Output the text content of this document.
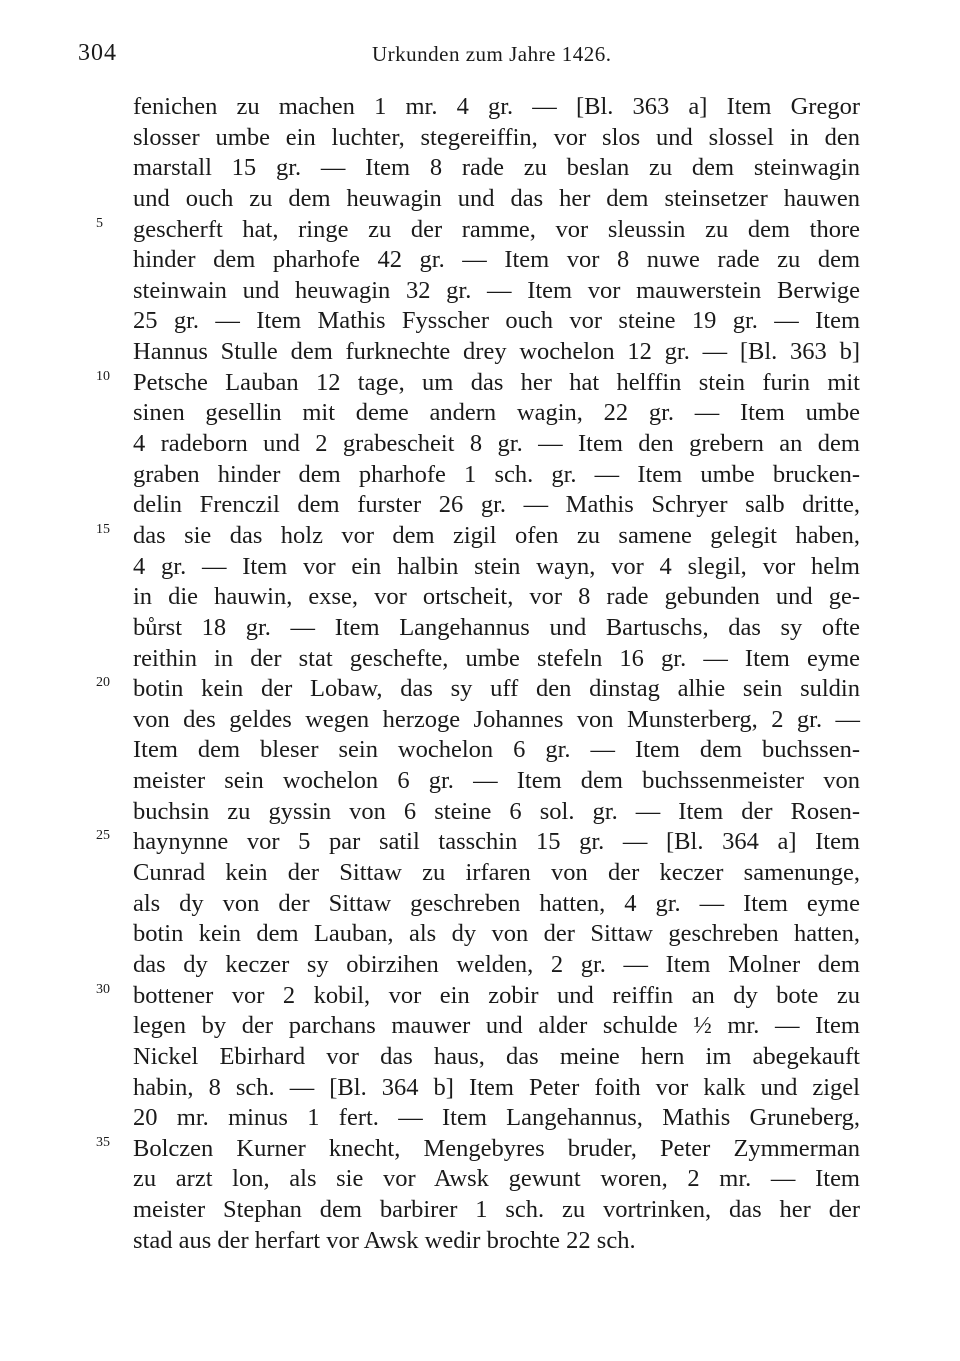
304	Urkunden zum Jahre 1426.
fenichen zu machen 1 mr. 4 gr. — [Bl. 363 a] Item Gregor
slosser umbe ein luchter, stegereiffin, vor slos und slossel in den
marstall 15 gr. — Item 8 rade zu beslan zu dem steinwagin
und ouch zu dem heuwagin und das her dem steinsetzer hauwen
5 gescherft hat, ringe zu der ramme, vor sleussin zu dem thore
hinder dem pharhofe 42 gr. — Item vor 8 nuwe rade zu dem
steinwain und heuwagin 32 gr. — Item vor mauwerstein Berwige
25 gr. — Item Mathis Fysscher ouch vor steine 19 gr. — Item
Hannus Stulle dem furknechte drey wochelon 12 gr. — [Bl. 363 b]
10 Petsche Lauban 12 tage, um das her hat helffin stein furin mit
sinen gesellin mit deme andern wagin, 22 gr. — Item umbe
4 radeborn und 2 grabescheit 8 gr. — Item den grebern an dem
graben hinder dem pharhofe 1 sch. gr. — Item umbe brucken-
delin Frenczil dem furster 26 gr. — Mathis Schryer salb dritte,
15 das sie das holz vor dem zigil ofen zu samene gelegit haben,
4 gr. — Item vor ein halbin stein wayn, vor 4 slegil, vor helm
in die hauwin, exse, vor ortscheit, vor 8 rade gebunden und ge-
bůrst 18 gr. — Item Langehannus und Bartuschs, das sy ofte
reithin in der stat geschefte, umbe stefeln 16 gr. — Item eyme
20 botin kein der Lobaw, das sy uff den dinstag alhie sein suldin
von des geldes wegen herzoge Johannes von Munsterberg, 2 gr. —
Item dem bleser sein wochelon 6 gr. — Item dem buchssen-
meister sein wochelon 6 gr. — Item dem buchssenmeister von
buchsin zu gyssin von 6 steine 6 sol. gr. — Item der Rosen-
25 haynynne vor 5 par satil tasschin 15 gr. — [Bl. 364 a] Item
Cunrad kein der Sittaw zu irfaren von der keczer samenunge,
als dy von der Sittaw geschreben hatten, 4 gr. — Item eyme
botin kein dem Lauban, als dy von der Sittaw geschreben hatten,
das dy keczer sy obirzihen welden, 2 gr. — Item Molner dem
30 bottener vor 2 kobil, vor ein zobir und reiffin an dy bote zu
legen by der parchans mauwer und alder schulde ½ mr. — Item
Nickel Ebirhard vor das haus, das meine hern im abegekauft
habin, 8 sch. — [Bl. 364 b] Item Peter foith vor kalk und zigel
20 mr. minus 1 fert. — Item Langehannus, Mathis Gruneberg,
35 Bolczen Kurner knecht, Mengebyres bruder, Peter Zymmerman
zu arzt lon, als sie vor Awsk gewunt woren, 2 mr. — Item
meister Stephan dem barbirer 1 sch. zu vortrinken, das her der
stad aus der herfart vor Awsk wedir brochte 22 sch.
